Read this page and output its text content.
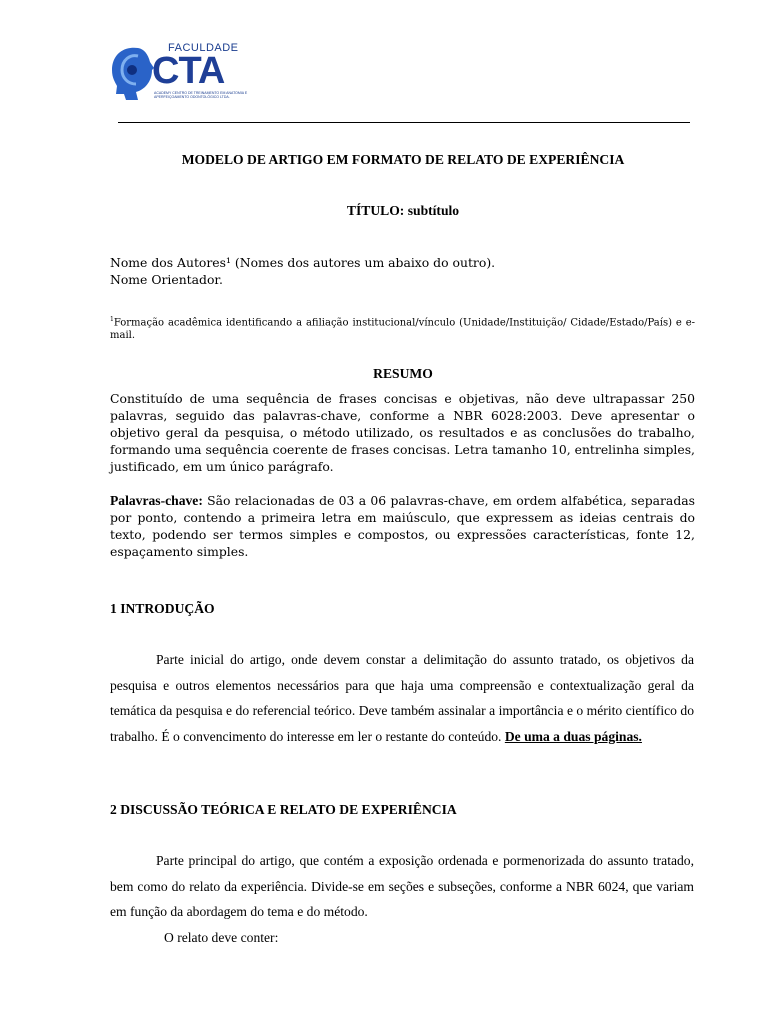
FACULDADE
CTA
ACADEMY CENTRO DE TREINAMENTO EM ANATOMIA E APERFEIÇOAMENTO ODONTOLÓGICO LTDA.
MODELO DE ARTIGO EM FORMATO DE RELATO DE EXPERIÊNCIA
TÍTULO: subtítulo
Nome dos Autores¹ (Nomes dos autores um abaixo do outro).
Nome Orientador.
$^1$Formação acadêmica identificando a afiliação institucional/vínculo (Unidade/Instituição/ Cidade/Estado/País) e e-mail.
RESUMO
Constituído de uma sequência de frases concisas e objetivas, não deve ultrapassar 250 palavras, seguido das palavras-chave, conforme a NBR 6028:2003. Deve apresentar o objetivo geral da pesquisa, o método utilizado, os resultados e as conclusões do trabalho, formando uma sequência coerente de frases concisas. Letra tamanho 10, entrelinha simples, justificado, em um único parágrafo.
Palavras-chave: São relacionadas de 03 a 06 palavras-chave, em ordem alfabética, separadas por ponto, contendo a primeira letra em maiúsculo, que expressem as ideias centrais do texto, podendo ser termos simples e compostos, ou expressões características, fonte 12, espaçamento simples.
1 INTRODUÇÃO

Parte inicial do artigo, onde devem constar a delimitação do assunto tratado, os objetivos da pesquisa e outros elementos necessários para que haja uma compreensão e contextualização geral da temática da pesquisa e do referencial teórico. Deve também assinalar a importância e o mérito científico do trabalho. É o convencimento do interesse em ler o restante do conteúdo. De uma a duas páginas.

2 DISCUSSÃO TEÓRICA E RELATO DE EXPERIÊNCIA

Parte principal do artigo, que contém a exposição ordenada e pormenorizada do assunto tratado, bem como do relato da experiência. Divide-se em seções e subseções, conforme a NBR 6024, que variam em função da abordagem do tema e do método.

O relato deve conter:
